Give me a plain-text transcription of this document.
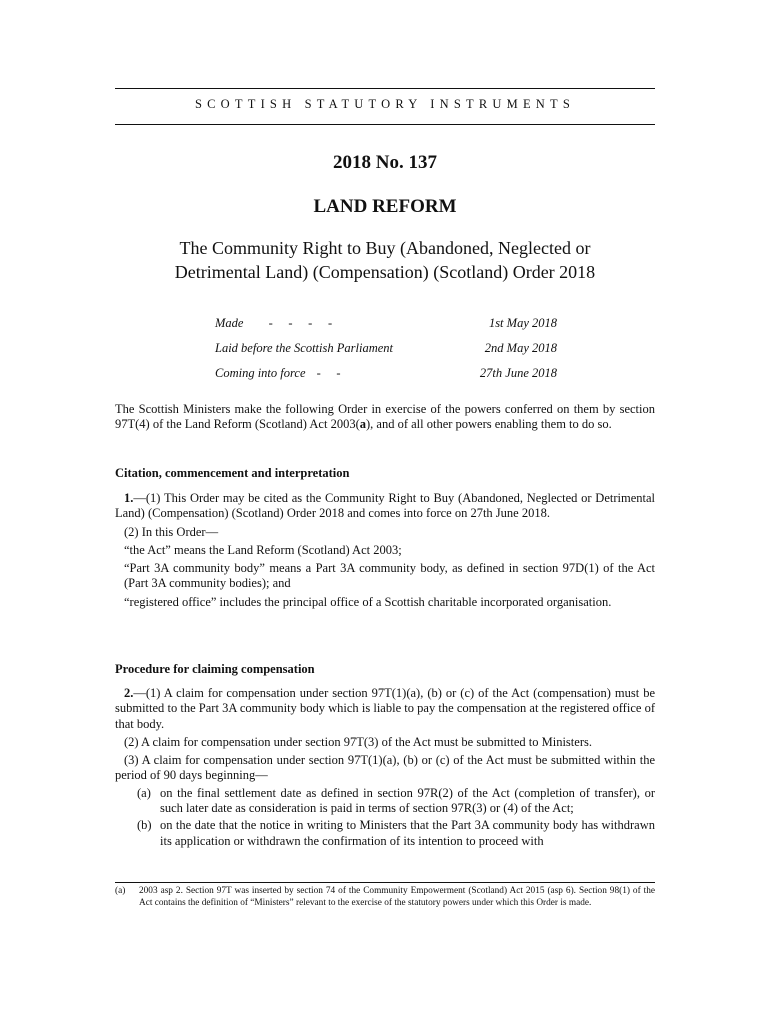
SCOTTISH STATUTORY INSTRUMENTS
2018 No. 137
LAND REFORM
The Community Right to Buy (Abandoned, Neglected or
Detrimental Land) (Compensation) (Scotland) Order 2018
Made -     -     -     -	1st May 2018
Laid before the Scottish Parliament	2nd May 2018
Coming into force -     -	27th June 2018

The Scottish Ministers make the following Order in exercise of the powers conferred on them by section 97T(4) of the Land Reform (Scotland) Act 2003(a), and of all other powers enabling them to do so.

Citation, commencement and interpretation

1.—(1) This Order may be cited as the Community Right to Buy (Abandoned, Neglected or Detrimental Land) (Compensation) (Scotland) Order 2018 and comes into force on 27th June 2018.

(2) In this Order—

“the Act” means the Land Reform (Scotland) Act 2003;

“Part 3A community body” means a Part 3A community body, as defined in section 97D(1) of the Act (Part 3A community bodies); and

“registered office” includes the principal office of a Scottish charitable incorporated organisation.

Procedure for claiming compensation

2.—(1) A claim for compensation under section 97T(1)(a), (b) or (c) of the Act (compensation) must be submitted to the Part 3A community body which is liable to pay the compensation at the registered office of that body.

(2) A claim for compensation under section 97T(3) of the Act must be submitted to Ministers.

(3) A claim for compensation under section 97T(1)(a), (b) or (c) of the Act must be submitted within the period of 90 days beginning—

(a) on the final settlement date as defined in section 97R(2) of the Act (completion of transfer), or such later date as consideration is paid in terms of section 97R(3) or (4) of the Act;
(b) on the date that the notice in writing to Ministers that the Part 3A community body has withdrawn its application or withdrawn the confirmation of its intention to proceed with
(a)	2003 asp 2. Section 97T was inserted by section 74 of the Community Empowerment (Scotland) Act 2015 (asp 6). Section 98(1) of the Act contains the definition of “Ministers” relevant to the exercise of the statutory powers under which this Order is made.
